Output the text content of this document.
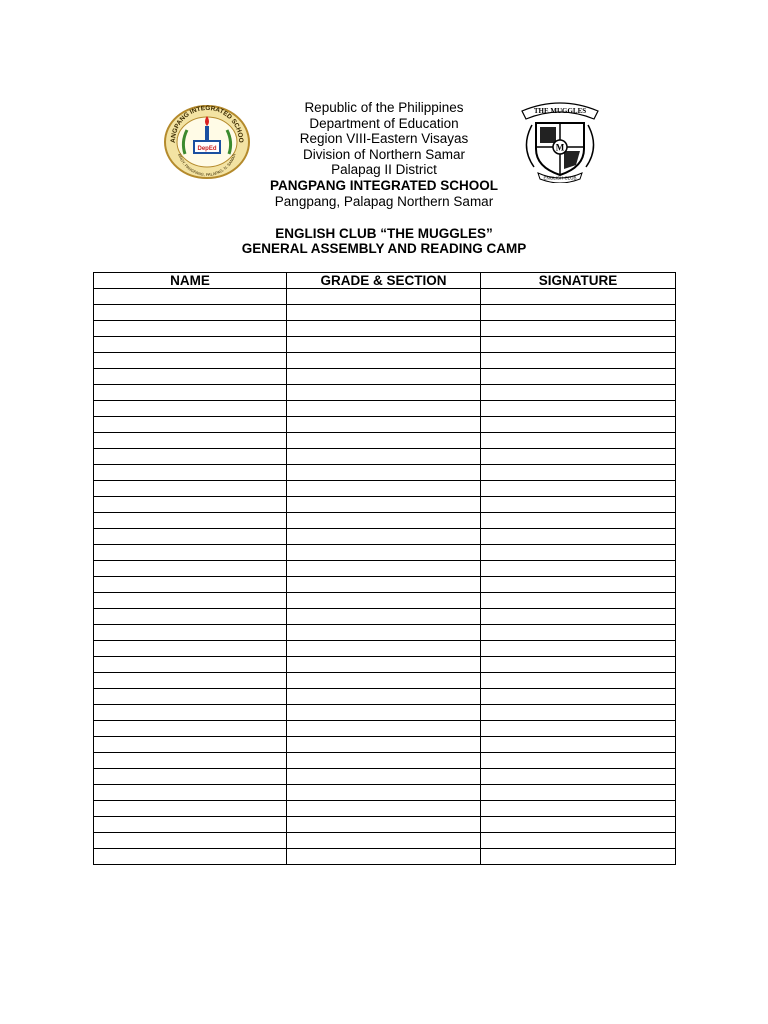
ANGPANG INTEGRATED SCHOO
BRGY. PANGPANG, PALAPAG, N. SAMAR
DepEd
THE MUGGLES
M
ENGLISH CLUB
Republic of the Philippines
Department of Education
Region VIII-Eastern Visayas
Division of Northern Samar
Palapag II District
PANGPANG INTEGRATED SCHOOL
Pangpang, Palapag Northern Samar
ENGLISH CLUB “THE MUGGLES”
GENERAL ASSEMBLY AND READING CAMP
NAME	GRADE & SECTION	SIGNATURE
